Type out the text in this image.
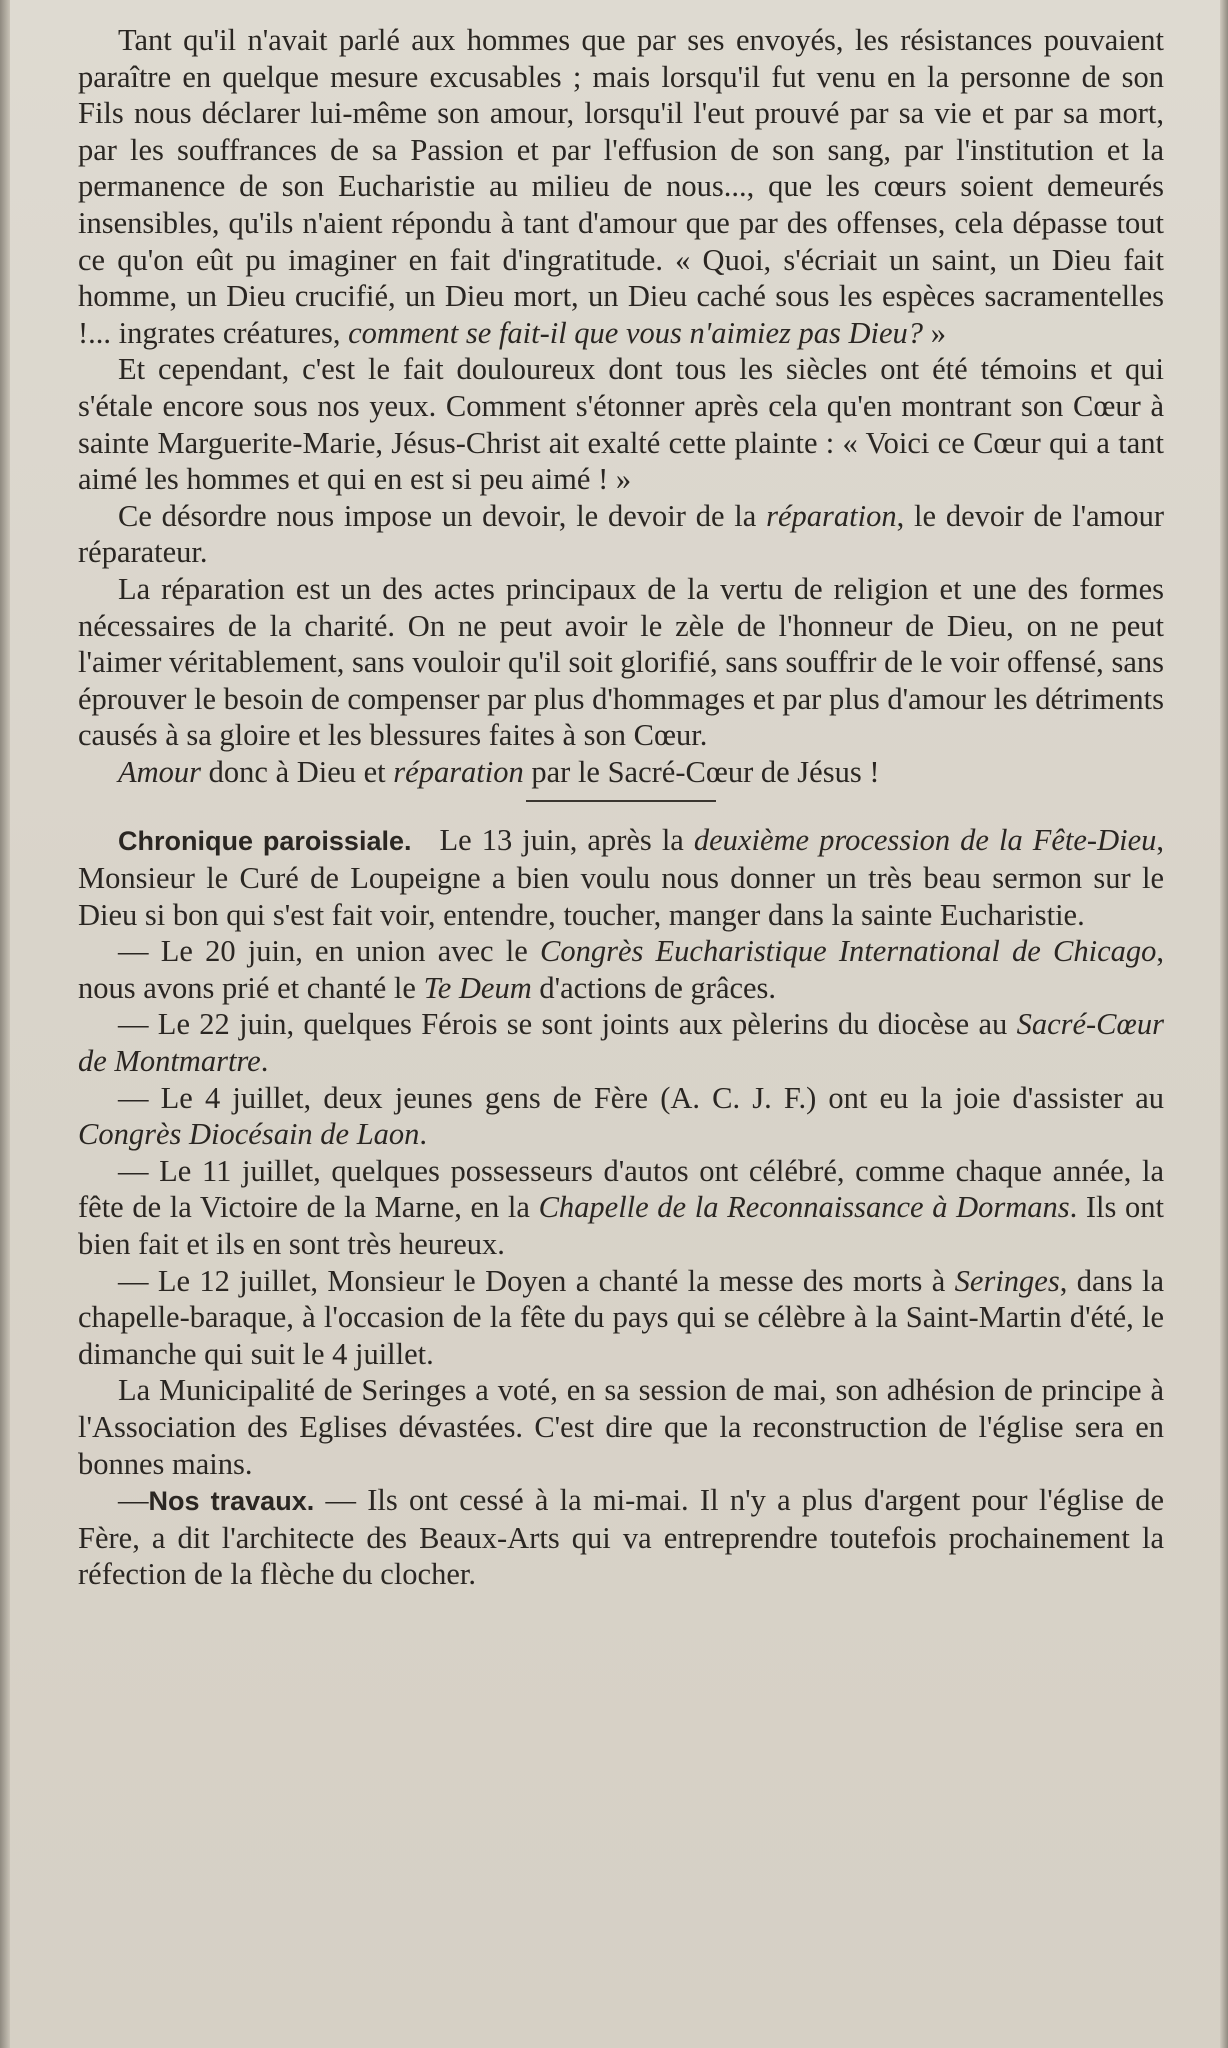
Tant qu'il n'avait parlé aux hommes que par ses envoyés, les résistances pouvaient paraître en quelque mesure excusables ; mais lorsqu'il fut venu en la personne de son Fils nous déclarer lui-même son amour, lorsqu'il l'eut prouvé par sa vie et par sa mort, par les souffrances de sa Passion et par l'effusion de son sang, par l'institution et la permanence de son Eucharistie au milieu de nous..., que les cœurs soient demeurés insensibles, qu'ils n'aient répondu à tant d'amour que par des offenses, cela dépasse tout ce qu'on eût pu imaginer en fait d'ingratitude. « Quoi, s'écriait un saint, un Dieu fait homme, un Dieu crucifié, un Dieu mort, un Dieu caché sous les espèces sacramentelles !... ingrates créatures, comment se fait-il que vous n'aimiez pas Dieu? »

Et cependant, c'est le fait douloureux dont tous les siècles ont été témoins et qui s'étale encore sous nos yeux. Comment s'étonner après cela qu'en montrant son Cœur à sainte Marguerite-Marie, Jésus-Christ ait exalté cette plainte : « Voici ce Cœur qui a tant aimé les hommes et qui en est si peu aimé ! »

Ce désordre nous impose un devoir, le devoir de la réparation, le devoir de l'amour réparateur.

La réparation est un des actes principaux de la vertu de religion et une des formes nécessaires de la charité. On ne peut avoir le zèle de l'honneur de Dieu, on ne peut l'aimer véritablement, sans vouloir qu'il soit glorifié, sans souffrir de le voir offensé, sans éprouver le besoin de compenser par plus d'hommages et par plus d'amour les détriments causés à sa gloire et les blessures faites à son Cœur.

Amour donc à Dieu et réparation par le Sacré-Cœur de Jésus !

Chronique paroissiale. Le 13 juin, après la deuxième procession de la Fête-Dieu, Monsieur le Curé de Loupeigne a bien voulu nous donner un très beau sermon sur le Dieu si bon qui s'est fait voir, entendre, toucher, manger dans la sainte Eucharistie.

— Le 20 juin, en union avec le Congrès Eucharistique International de Chicago, nous avons prié et chanté le Te Deum d'actions de grâces.

— Le 22 juin, quelques Férois se sont joints aux pèlerins du diocèse au Sacré-Cœur de Montmartre.

— Le 4 juillet, deux jeunes gens de Fère (A. C. J. F.) ont eu la joie d'assister au Congrès Diocésain de Laon.

— Le 11 juillet, quelques possesseurs d'autos ont célébré, comme chaque année, la fête de la Victoire de la Marne, en la Chapelle de la Reconnaissance à Dormans. Ils ont bien fait et ils en sont très heureux.

— Le 12 juillet, Monsieur le Doyen a chanté la messe des morts à Seringes, dans la chapelle-baraque, à l'occasion de la fête du pays qui se célèbre à la Saint-Martin d'été, le dimanche qui suit le 4 juillet.

La Municipalité de Seringes a voté, en sa session de mai, son adhésion de principe à l'Association des Eglises dévastées. C'est dire que la reconstruction de l'église sera en bonnes mains.

—Nos travaux. — Ils ont cessé à la mi-mai. Il n'y a plus d'argent pour l'église de Fère, a dit l'architecte des Beaux-Arts qui va entreprendre toutefois prochainement la réfection de la flèche du clocher.
